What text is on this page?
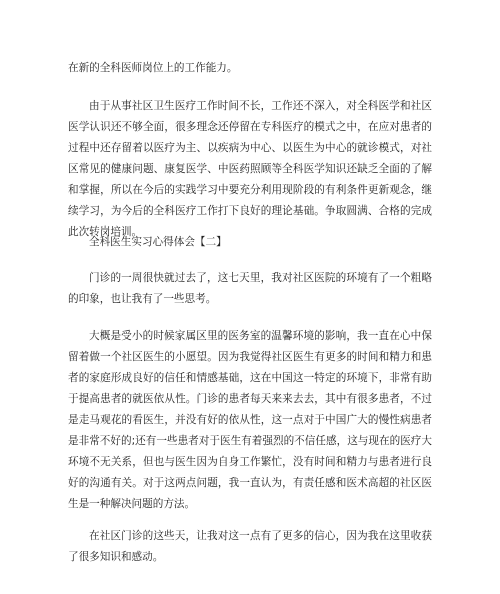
在新的全科医师岗位上的工作能力。

由于从事社区卫生医疗工作时间不长，工作还不深入，对全科医学和社区医学认识还不够全面，很多理念还停留在专科医疗的模式之中，在应对患者的过程中还存留着以医疗为主、以疾病为中心、以医生为中心的就诊模式，对社区常见的健康问题、康复医学、中医药照顾等全科医学知识还缺乏全面的了解和掌握，所以在今后的实践学习中要充分利用现阶段的有利条件更新观念，继续学习，为今后的全科医疗工作打下良好的理论基础。争取圆满、合格的完成此次转岗培训。

全科医生实习心得体会【二】

门诊的一周很快就过去了，这七天里，我对社区医院的环境有了一个粗略的印象，也让我有了一些思考。

大概是受小的时候家属区里的医务室的温馨环境的影响，我一直在心中保留着做一个社区医生的小愿望。因为我觉得社区医生有更多的时间和精力和患者的家庭形成良好的信任和情感基础，这在中国这一特定的环境下，非常有助于提高患者的就医依从性。门诊的患者每天来来去去，其中有很多患者，不过是走马观花的看医生，并没有好的依从性，这一点对于中国广大的慢性病患者是非常不好的;还有一些患者对于医生有着强烈的不信任感，这与现在的医疗大环境不无关系，但也与医生因为自身工作繁忙，没有时间和精力与患者进行良好的沟通有关。对于这两点问题，我一直认为，有责任感和医术高超的社区医生是一种解决问题的方法。

在社区门诊的这些天，让我对这一点有了更多的信心，因为我在这里收获了很多知识和感动。
